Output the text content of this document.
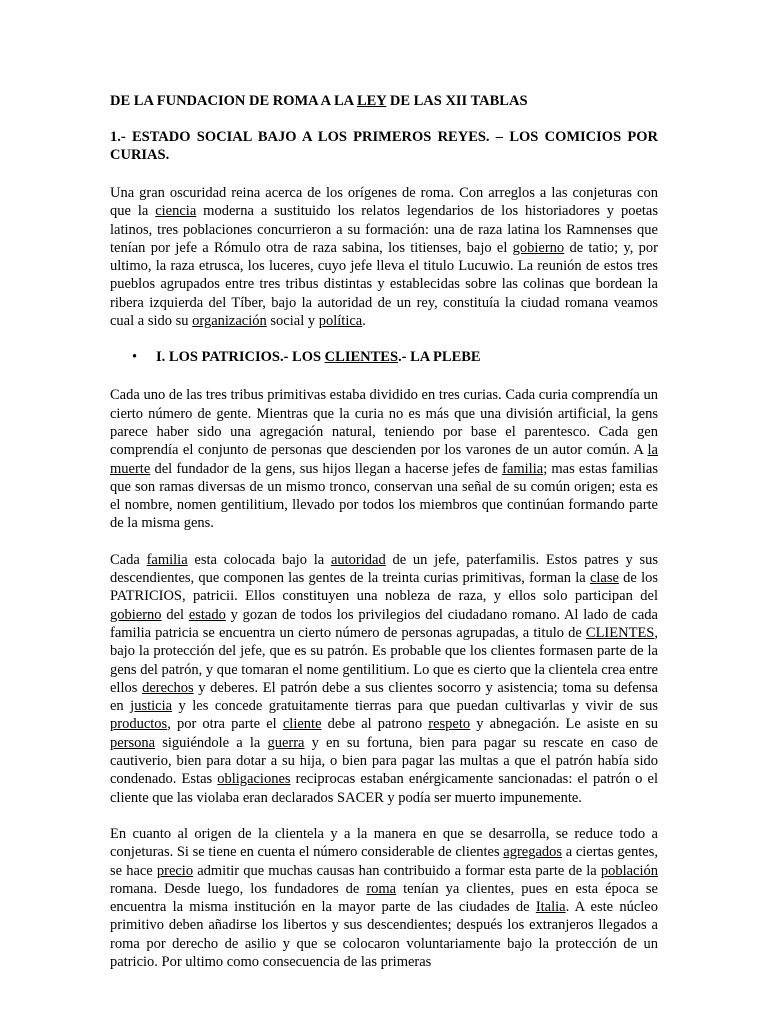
DE LA FUNDACION DE ROMA A LA LEY DE LAS XII TABLAS
1.- ESTADO SOCIAL BAJO A LOS PRIMEROS REYES. – LOS COMICIOS POR CURIAS.

Una gran oscuridad reina acerca de los orígenes de roma. Con arreglos a las conjeturas con que la ciencia moderna a sustituido los relatos legendarios de los historiadores y poetas latinos, tres poblaciones concurrieron a su formación: una de raza latina los Ramnenses que tenían por jefe a Rómulo otra de raza sabina, los titienses, bajo el gobierno de tatio; y, por ultimo, la raza etrusca, los luceres, cuyo jefe lleva el titulo Lucuwio. La reunión de estos tres pueblos agrupados entre tres tribus distintas y establecidas sobre las colinas que bordean la ribera izquierda del Tíber, bajo la autoridad de un rey, constituía la ciudad romana veamos cual a sido su organización social y política.

•	I. LOS PATRICIOS.- LOS CLIENTES.- LA PLEBE

Cada uno de las tres tribus primitivas estaba dividido en tres curias. Cada curia comprendía un cierto número de gente. Mientras que la curia no es más que una división artificial, la gens parece haber sido una agregación natural, teniendo por base el parentesco. Cada gen comprendía el conjunto de personas que descienden por los varones de un autor común. A la muerte del fundador de la gens, sus hijos llegan a hacerse jefes de familia; mas estas familias que son ramas diversas de un mismo tronco, conservan una señal de su común origen; esta es el nombre, nomen gentilitium, llevado por todos los miembros que continúan formando parte de la misma gens.

Cada familia esta colocada bajo la autoridad de un jefe, paterfamilis. Estos patres y sus descendientes, que componen las gentes de la treinta curias primitivas, forman la clase de los PATRICIOS, patricii. Ellos constituyen una nobleza de raza, y ellos solo participan del gobierno del estado y gozan de todos los privilegios del ciudadano romano. Al lado de cada familia patricia se encuentra un cierto número de personas agrupadas, a titulo de CLIENTES, bajo la protección del jefe, que es su patrón. Es probable que los clientes formasen parte de la gens del patrón, y que tomaran el nome gentilitium. Lo que es cierto que la clientela crea entre ellos derechos y deberes. El patrón debe a sus clientes socorro y asistencia; toma su defensa en justicia y les concede gratuitamente tierras para que puedan cultivarlas y vivir de sus productos, por otra parte el cliente debe al patrono respeto y abnegación. Le asiste en su persona siguiéndole a la guerra y en su fortuna, bien para pagar su rescate en caso de cautiverio, bien para dotar a su hija, o bien para pagar las multas a que el patrón había sido condenado. Estas obligaciones reciprocas estaban enérgicamente sancionadas: el patrón o el cliente que las violaba eran declarados SACER y podía ser muerto impunemente.

En cuanto al origen de la clientela y a la manera en que se desarrolla, se reduce todo a conjeturas. Si se tiene en cuenta el número considerable de clientes agregados a ciertas gentes, se hace precio admitir que muchas causas han contribuido a formar esta parte de la población romana. Desde luego, los fundadores de roma tenían ya clientes, pues en esta época se encuentra la misma institución en la mayor parte de las ciudades de Italia. A este núcleo primitivo deben añadirse los libertos y sus descendientes; después los extranjeros llegados a roma por derecho de asilio y que se colocaron voluntariamente bajo la protección de un patricio. Por ultimo como consecuencia de las primeras
